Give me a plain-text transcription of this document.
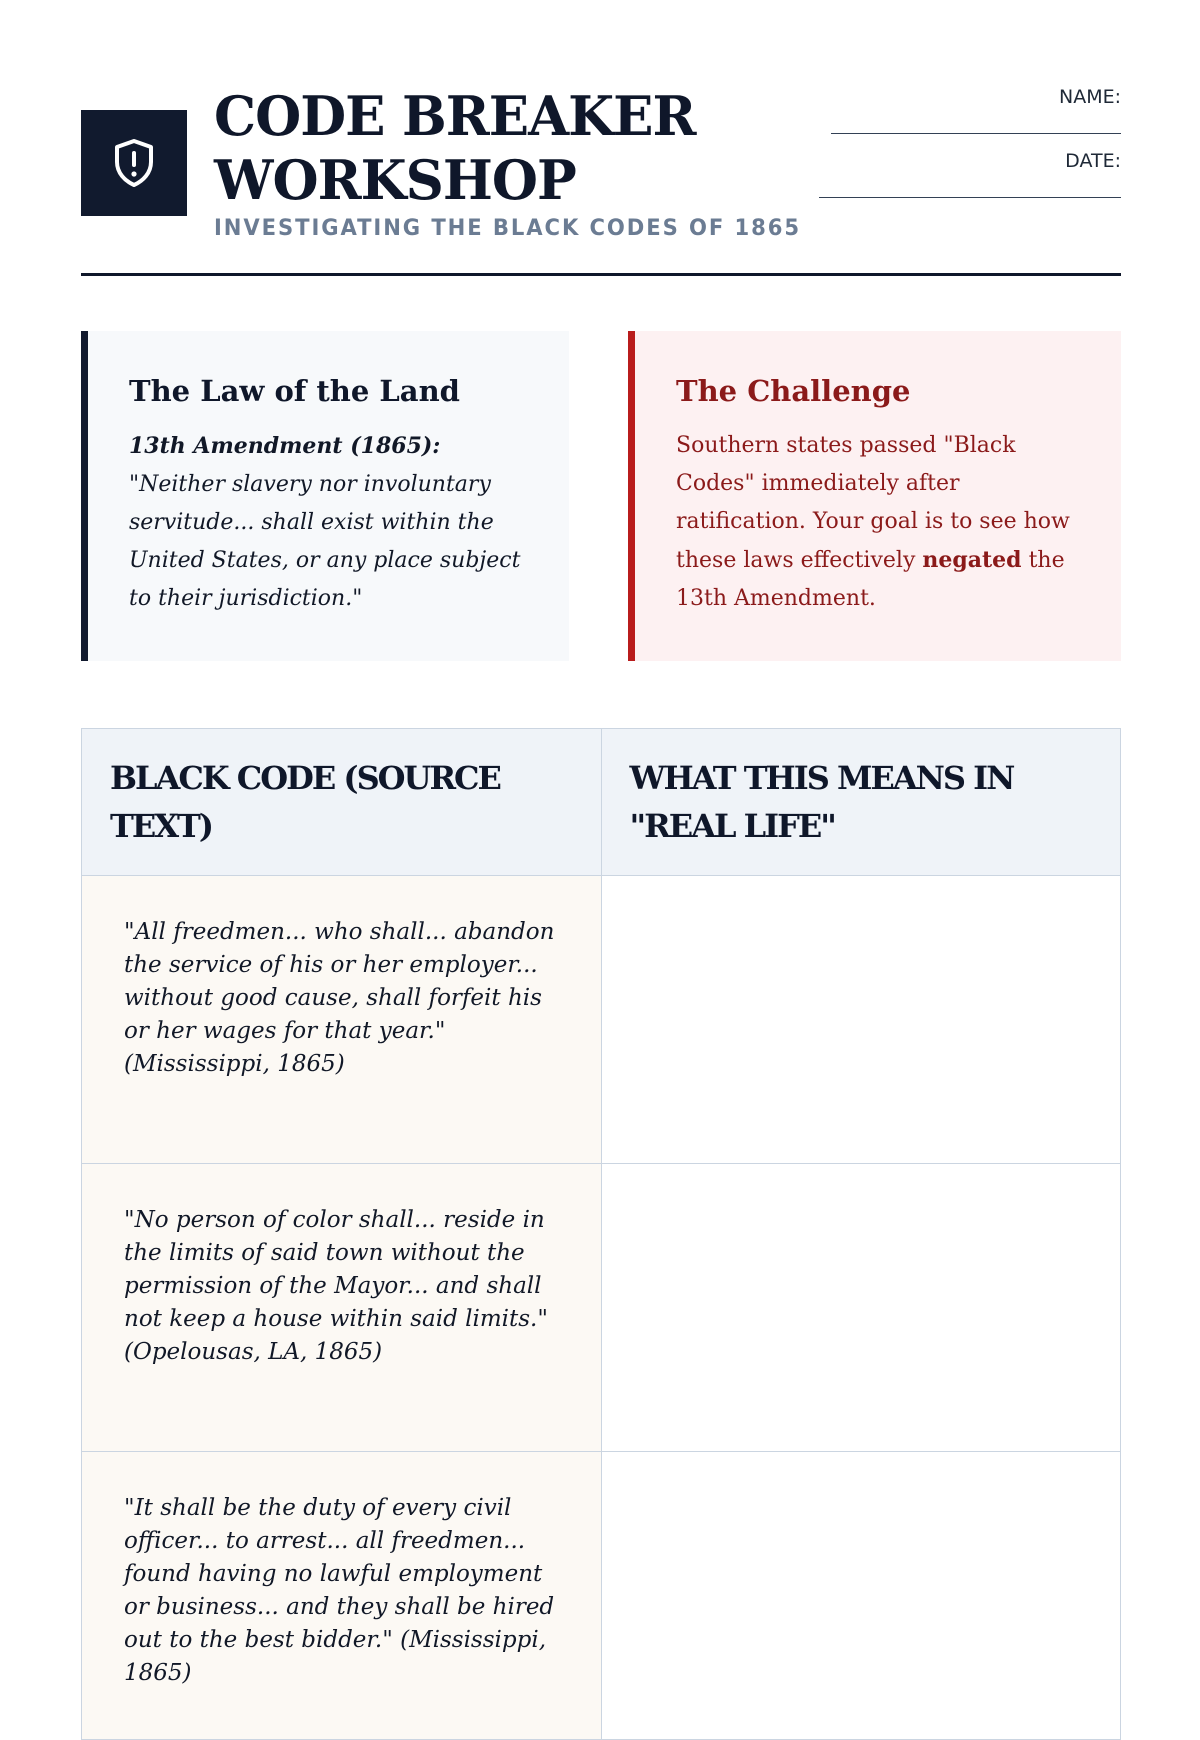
CODE BREAKER
WORKSHOP
INVESTIGATING THE BLACK CODES OF 1865
NAME:
DATE:
The Law of the Land

13th Amendment (1865): "Neither slavery nor involuntary servitude... shall exist within the United States, or any place subject to their jurisdiction."

The Challenge

Southern states passed "Black Codes" immediately after ratification. Your goal is to see how these laws effectively negated the 13th Amendment.

BLACK CODE (SOURCE TEXT)	WHAT THIS MEANS IN "REAL LIFE"
"All freedmen... who shall... abandon the service of his or her employer... without good cause, shall forfeit his or her wages for that year." (Mississippi, 1865)	
"No person of color shall... reside in the limits of said town without the permission of the Mayor... and shall not keep a house within said limits." (Opelousas, LA, 1865)	
"It shall be the duty of every civil officer... to arrest... all freedmen... found having no lawful employment or business... and they shall be hired out to the best bidder." (Mississippi, 1865)	
